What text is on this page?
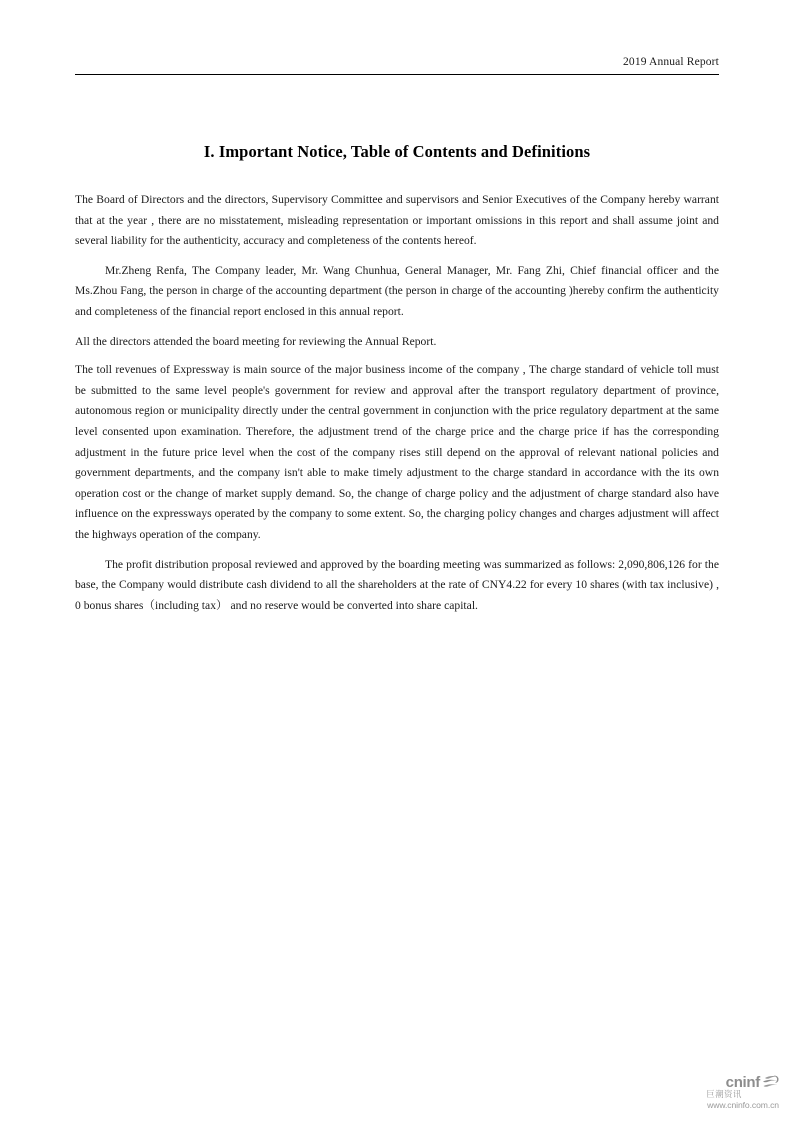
2019 Annual Report
I. Important Notice, Table of Contents and Definitions

The Board of Directors and the directors, Supervisory Committee and supervisors and Senior Executives of the Company hereby warrant that at the year , there are no misstatement, misleading representation or important omissions in this report and shall assume joint and several liability for the authenticity, accuracy and completeness of the contents hereof.

Mr.Zheng Renfa, The Company leader, Mr. Wang Chunhua, General Manager, Mr. Fang Zhi, Chief financial officer and the Ms.Zhou Fang, the person in charge of the accounting department (the person in charge of the accounting )hereby confirm the authenticity and completeness of the financial report enclosed in this annual report.

All the directors attended the board meeting for reviewing the Annual Report.

The toll revenues of Expressway is main source of the major business income of the company , The charge standard of vehicle toll must be submitted to the same level people's government for review and approval after the transport regulatory department of province, autonomous region or municipality directly under the central government in conjunction with the price regulatory department at the same level consented upon examination. Therefore, the adjustment trend of the charge price and the charge price if has the corresponding adjustment in the future price level when the cost of the company rises still depend on the approval of relevant national policies and government departments, and the company isn't able to make timely adjustment to the charge standard in accordance with the its own operation cost or the change of market supply demand. So, the change of charge policy and the adjustment of charge standard also have influence on the expressways operated by the company to some extent. So, the charging policy changes and charges adjustment will affect the highways operation of the company.

The profit distribution proposal reviewed and approved by the boarding meeting was summarized as follows: 2,090,806,126 for the base, the Company would distribute cash dividend to all the shareholders at the rate of CNY4.22 for every 10 shares (with tax inclusive) , 0 bonus shares（including tax） and no reserve would be converted into share capital.

cninf
巨潮资讯
www.cninfo.com.cn
